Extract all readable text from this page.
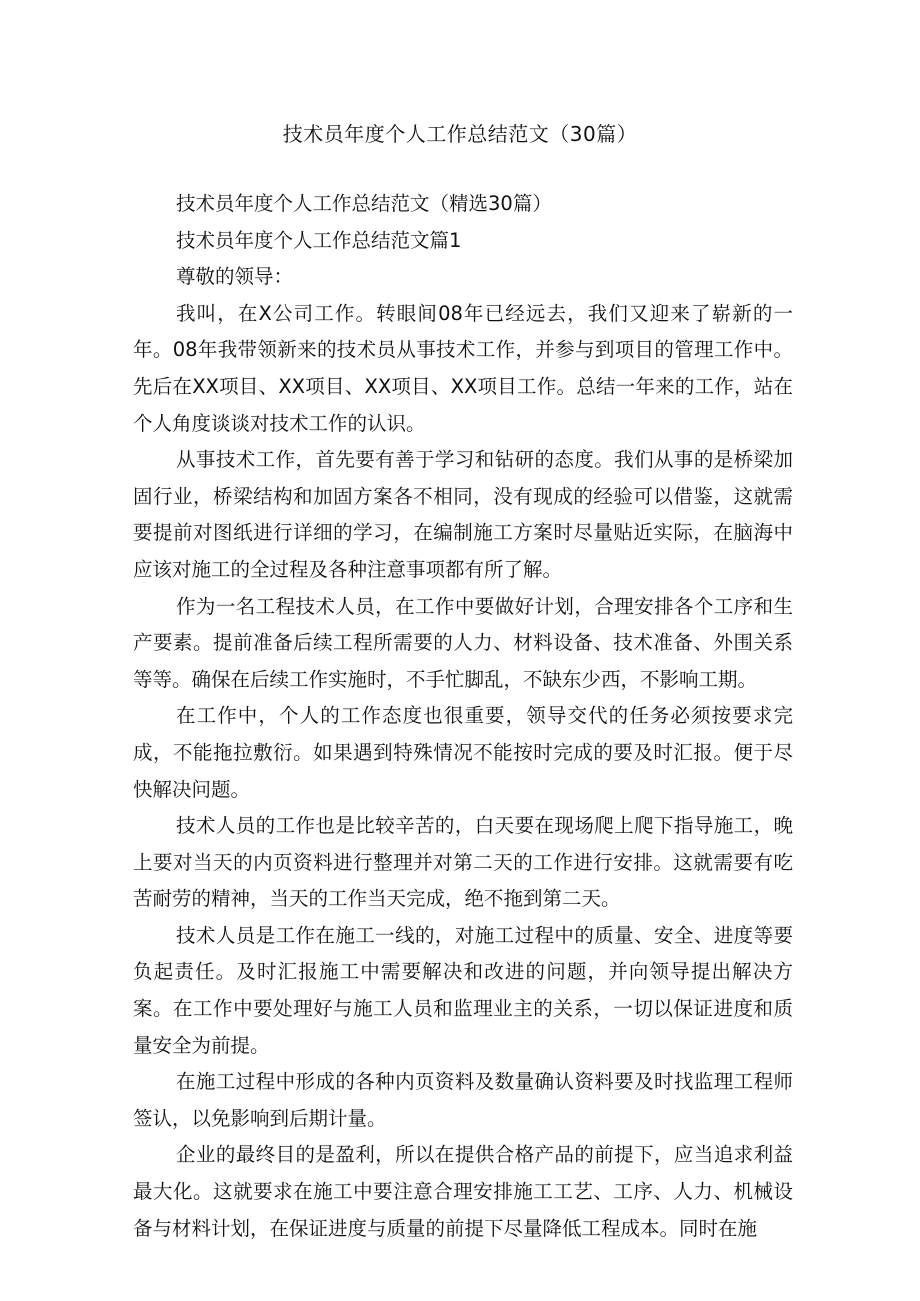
技术员年度个人工作总结范文（30篇）

技术员年度个人工作总结范文（精选30篇）

技术员年度个人工作总结范文篇1

尊敬的领导：

我叫，在X公司工作。转眼间08年已经远去，我们又迎来了崭新的一年。08年我带领新来的技术员从事技术工作，并参与到项目的管理工作中。先后在XX项目、XX项目、XX项目、XX项目工作。总结一年来的工作，站在个人角度谈谈对技术工作的认识。

从事技术工作，首先要有善于学习和钻研的态度。我们从事的是桥梁加固行业，桥梁结构和加固方案各不相同，没有现成的经验可以借鉴，这就需要提前对图纸进行详细的学习，在编制施工方案时尽量贴近实际，在脑海中应该对施工的全过程及各种注意事项都有所了解。

作为一名工程技术人员，在工作中要做好计划，合理安排各个工序和生产要素。提前准备后续工程所需要的人力、材料设备、技术准备、外围关系等等。确保在后续工作实施时，不手忙脚乱，不缺东少西，不影响工期。

在工作中，个人的工作态度也很重要，领导交代的任务必须按要求完成，不能拖拉敷衍。如果遇到特殊情况不能按时完成的要及时汇报。便于尽快解决问题。

技术人员的工作也是比较辛苦的，白天要在现场爬上爬下指导施工，晚上要对当天的内页资料进行整理并对第二天的工作进行安排。这就需要有吃苦耐劳的精神，当天的工作当天完成，绝不拖到第二天。

技术人员是工作在施工一线的，对施工过程中的质量、安全、进度等要负起责任。及时汇报施工中需要解决和改进的问题，并向领导提出解决方案。在工作中要处理好与施工人员和监理业主的关系，一切以保证进度和质量安全为前提。

在施工过程中形成的各种内页资料及数量确认资料要及时找监理工程师签认，以免影响到后期计量。

企业的最终目的是盈利，所以在提供合格产品的前提下，应当追求利益最大化。这就要求在施工中要注意合理安排施工工艺、工序、人力、机械设备与材料计划，在保证进度与质量的前提下尽量降低工程成本。同时在施
